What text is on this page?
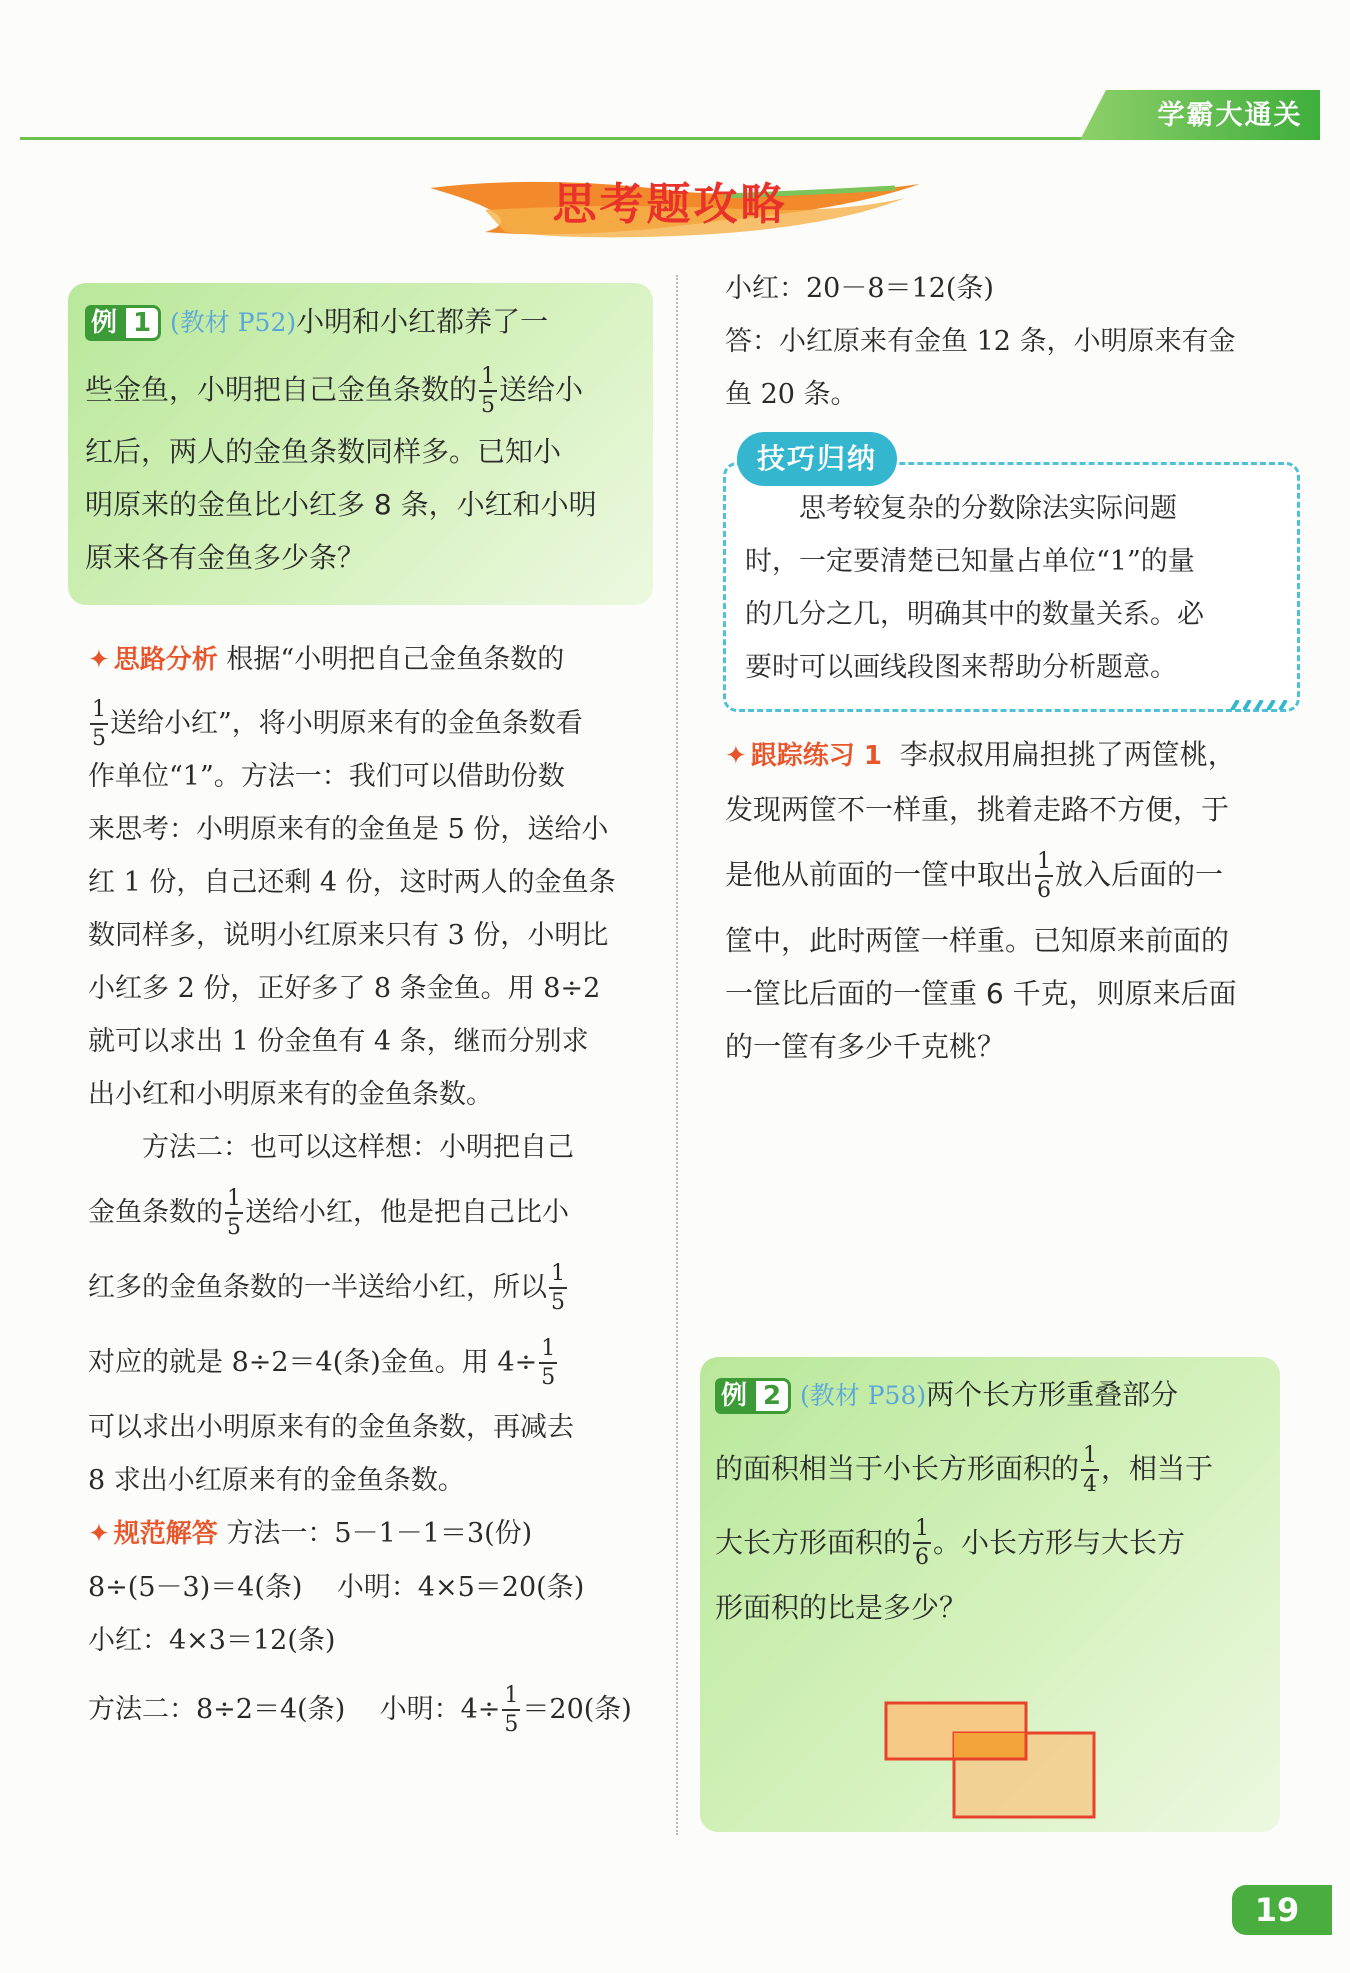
学霸大通关
思考题攻略

例 1 (教材 P52)小明和小红都养了一

些金鱼，小明把自己金鱼条数的 $\frac{1}{5}$ 送给小

红后，两人的金鱼条数同样多。已知小

明原来的金鱼比小红多 8 条，小红和小明

原来各有金鱼多少条？

✦ 思路分析 根据“小明把自己金鱼条数的

$\frac{1}{5}$ 送给小红”，将小明原来有的金鱼条数看

作单位“1”。方法一：我们可以借助份数

来思考：小明原来有的金鱼是 5 份，送给小

红 1 份，自己还剩 4 份，这时两人的金鱼条

数同样多，说明小红原来只有 3 份，小明比

小红多 2 份，正好多了 8 条金鱼。用 8÷2

就可以求出 1 份金鱼有 4 条，继而分别求

出小红和小明原来有的金鱼条数。

方法二：也可以这样想：小明把自己

金鱼条数的 $\frac{1}{5}$ 送给小红，他是把自己比小

红多的金鱼条数的一半送给小红，所以 $\frac{1}{5}$

对应的就是 8÷2＝4(条)金鱼。用 $4\div \frac{1}{5}$

可以求出小明原来有的金鱼条数，再减去

8 求出小红原来有的金鱼条数。

✦ 规范解答 方法一：5－1－1＝3(份)

8÷(5－3)＝4(条) 小明：4×5＝20(条)

小红：4×3＝12(条)

方法二：8÷2＝4(条) 小明：$4\div \frac{1}{5} =20$(条)

小红：20－8＝12(条)

答：小红原来有金鱼 12 条，小明原来有金

鱼 20 条。

技巧归纳

思考较复杂的分数除法实际问题

时，一定要清楚已知量占单位“1”的量

的几分之几，明确其中的数量关系。必

要时可以画线段图来帮助分析题意。

✦ 跟踪练习 1 李叔叔用扁担挑了两筐桃，

发现两筐不一样重，挑着走路不方便，于

是他从前面的一筐中取出 $\frac{1}{6}$ 放入后面的一

筐中，此时两筐一样重。已知原来前面的

一筐比后面的一筐重 6 千克，则原来后面

的一筐有多少千克桃？

例 2 (教材 P58)两个长方形重叠部分

的面积相当于小长方形面积的 $\frac{1}{4}$ ，相当于

大长方形面积的 $\frac{1}{6}$ 。小长方形与大长方

形面积的比是多少？

19
